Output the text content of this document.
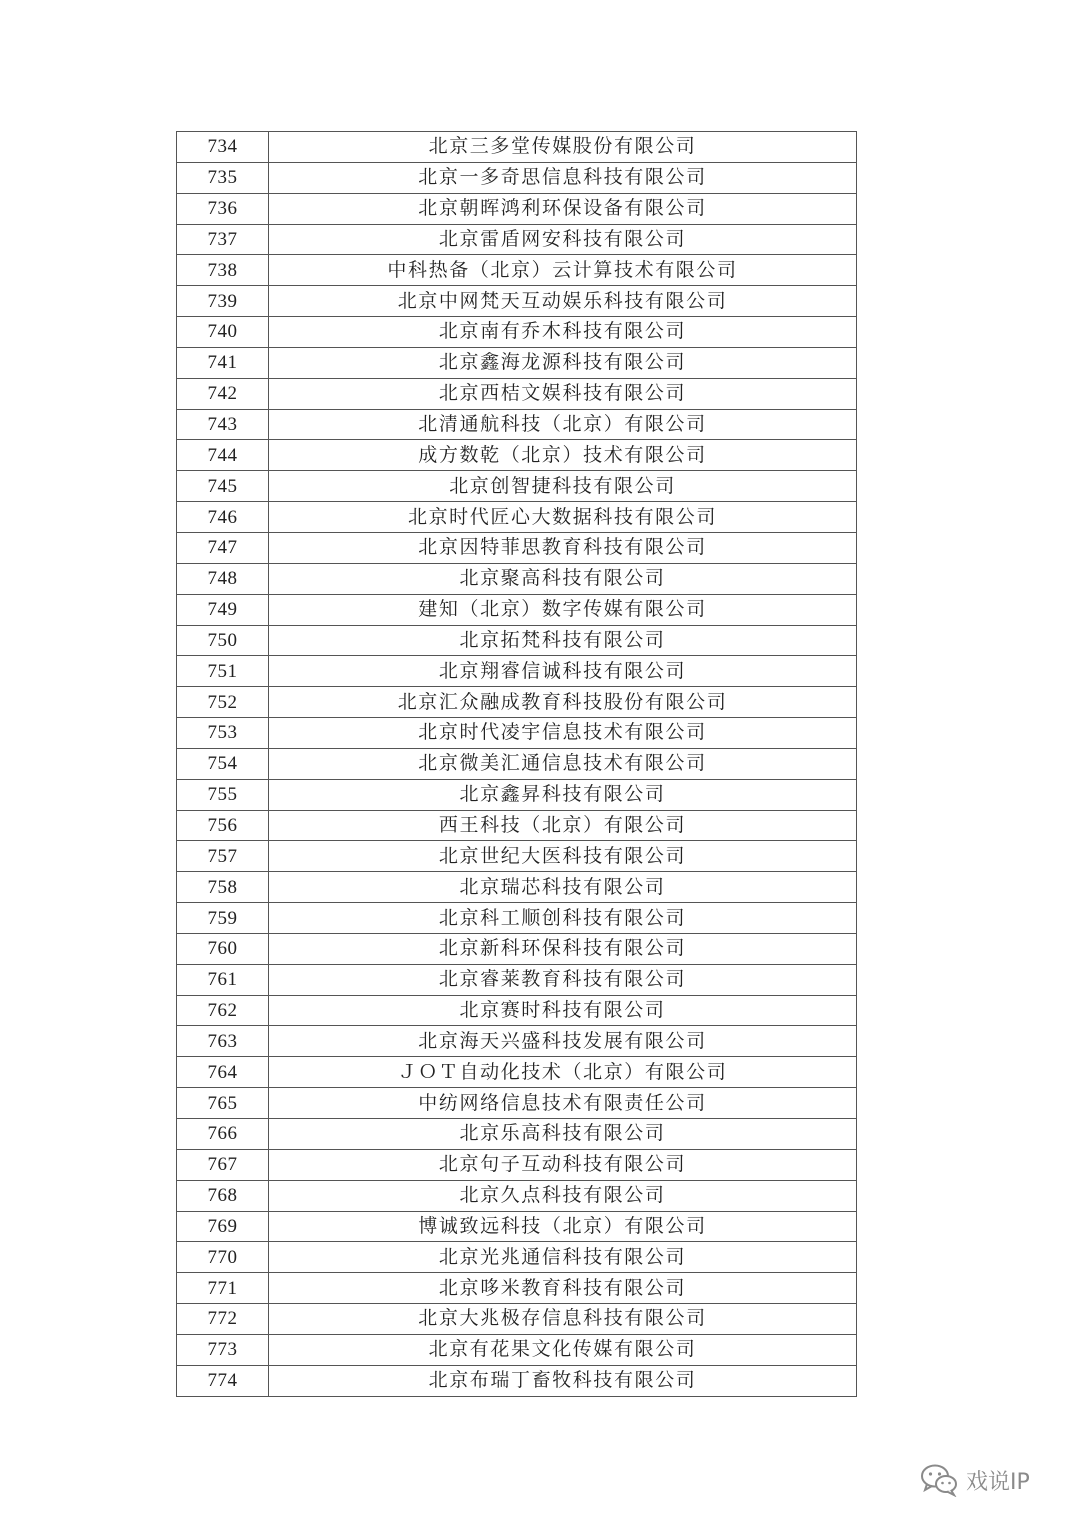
734	北京三多堂传媒股份有限公司
735	北京一多奇思信息科技有限公司
736	北京朝晖鸿利环保设备有限公司
737	北京雷盾网安科技有限公司
738	中科热备（北京）云计算技术有限公司
739	北京中网梵天互动娱乐科技有限公司
740	北京南有乔木科技有限公司
741	北京鑫海龙源科技有限公司
742	北京西桔文娱科技有限公司
743	北清通航科技（北京）有限公司
744	成方数乾（北京）技术有限公司
745	北京创智捷科技有限公司
746	北京时代匠心大数据科技有限公司
747	北京因特菲思教育科技有限公司
748	北京聚高科技有限公司
749	建知（北京）数字传媒有限公司
750	北京拓梵科技有限公司
751	北京翔睿信诚科技有限公司
752	北京汇众融成教育科技股份有限公司
753	北京时代凌宇信息技术有限公司
754	北京微美汇通信息技术有限公司
755	北京鑫昇科技有限公司
756	西王科技（北京）有限公司
757	北京世纪大医科技有限公司
758	北京瑞芯科技有限公司
759	北京科工顺创科技有限公司
760	北京新科环保科技有限公司
761	北京睿莱教育科技有限公司
762	北京赛时科技有限公司
763	北京海天兴盛科技发展有限公司
764	ＪＯＴ自动化技术（北京）有限公司
765	中纺网络信息技术有限责任公司
766	北京乐高科技有限公司
767	北京句子互动科技有限公司
768	北京久点科技有限公司
769	博诚致远科技（北京）有限公司
770	北京光兆通信科技有限公司
771	北京哆米教育科技有限公司
772	北京大兆极存信息科技有限公司
773	北京有花果文化传媒有限公司
774	北京布瑞丁畜牧科技有限公司
戏说IP
